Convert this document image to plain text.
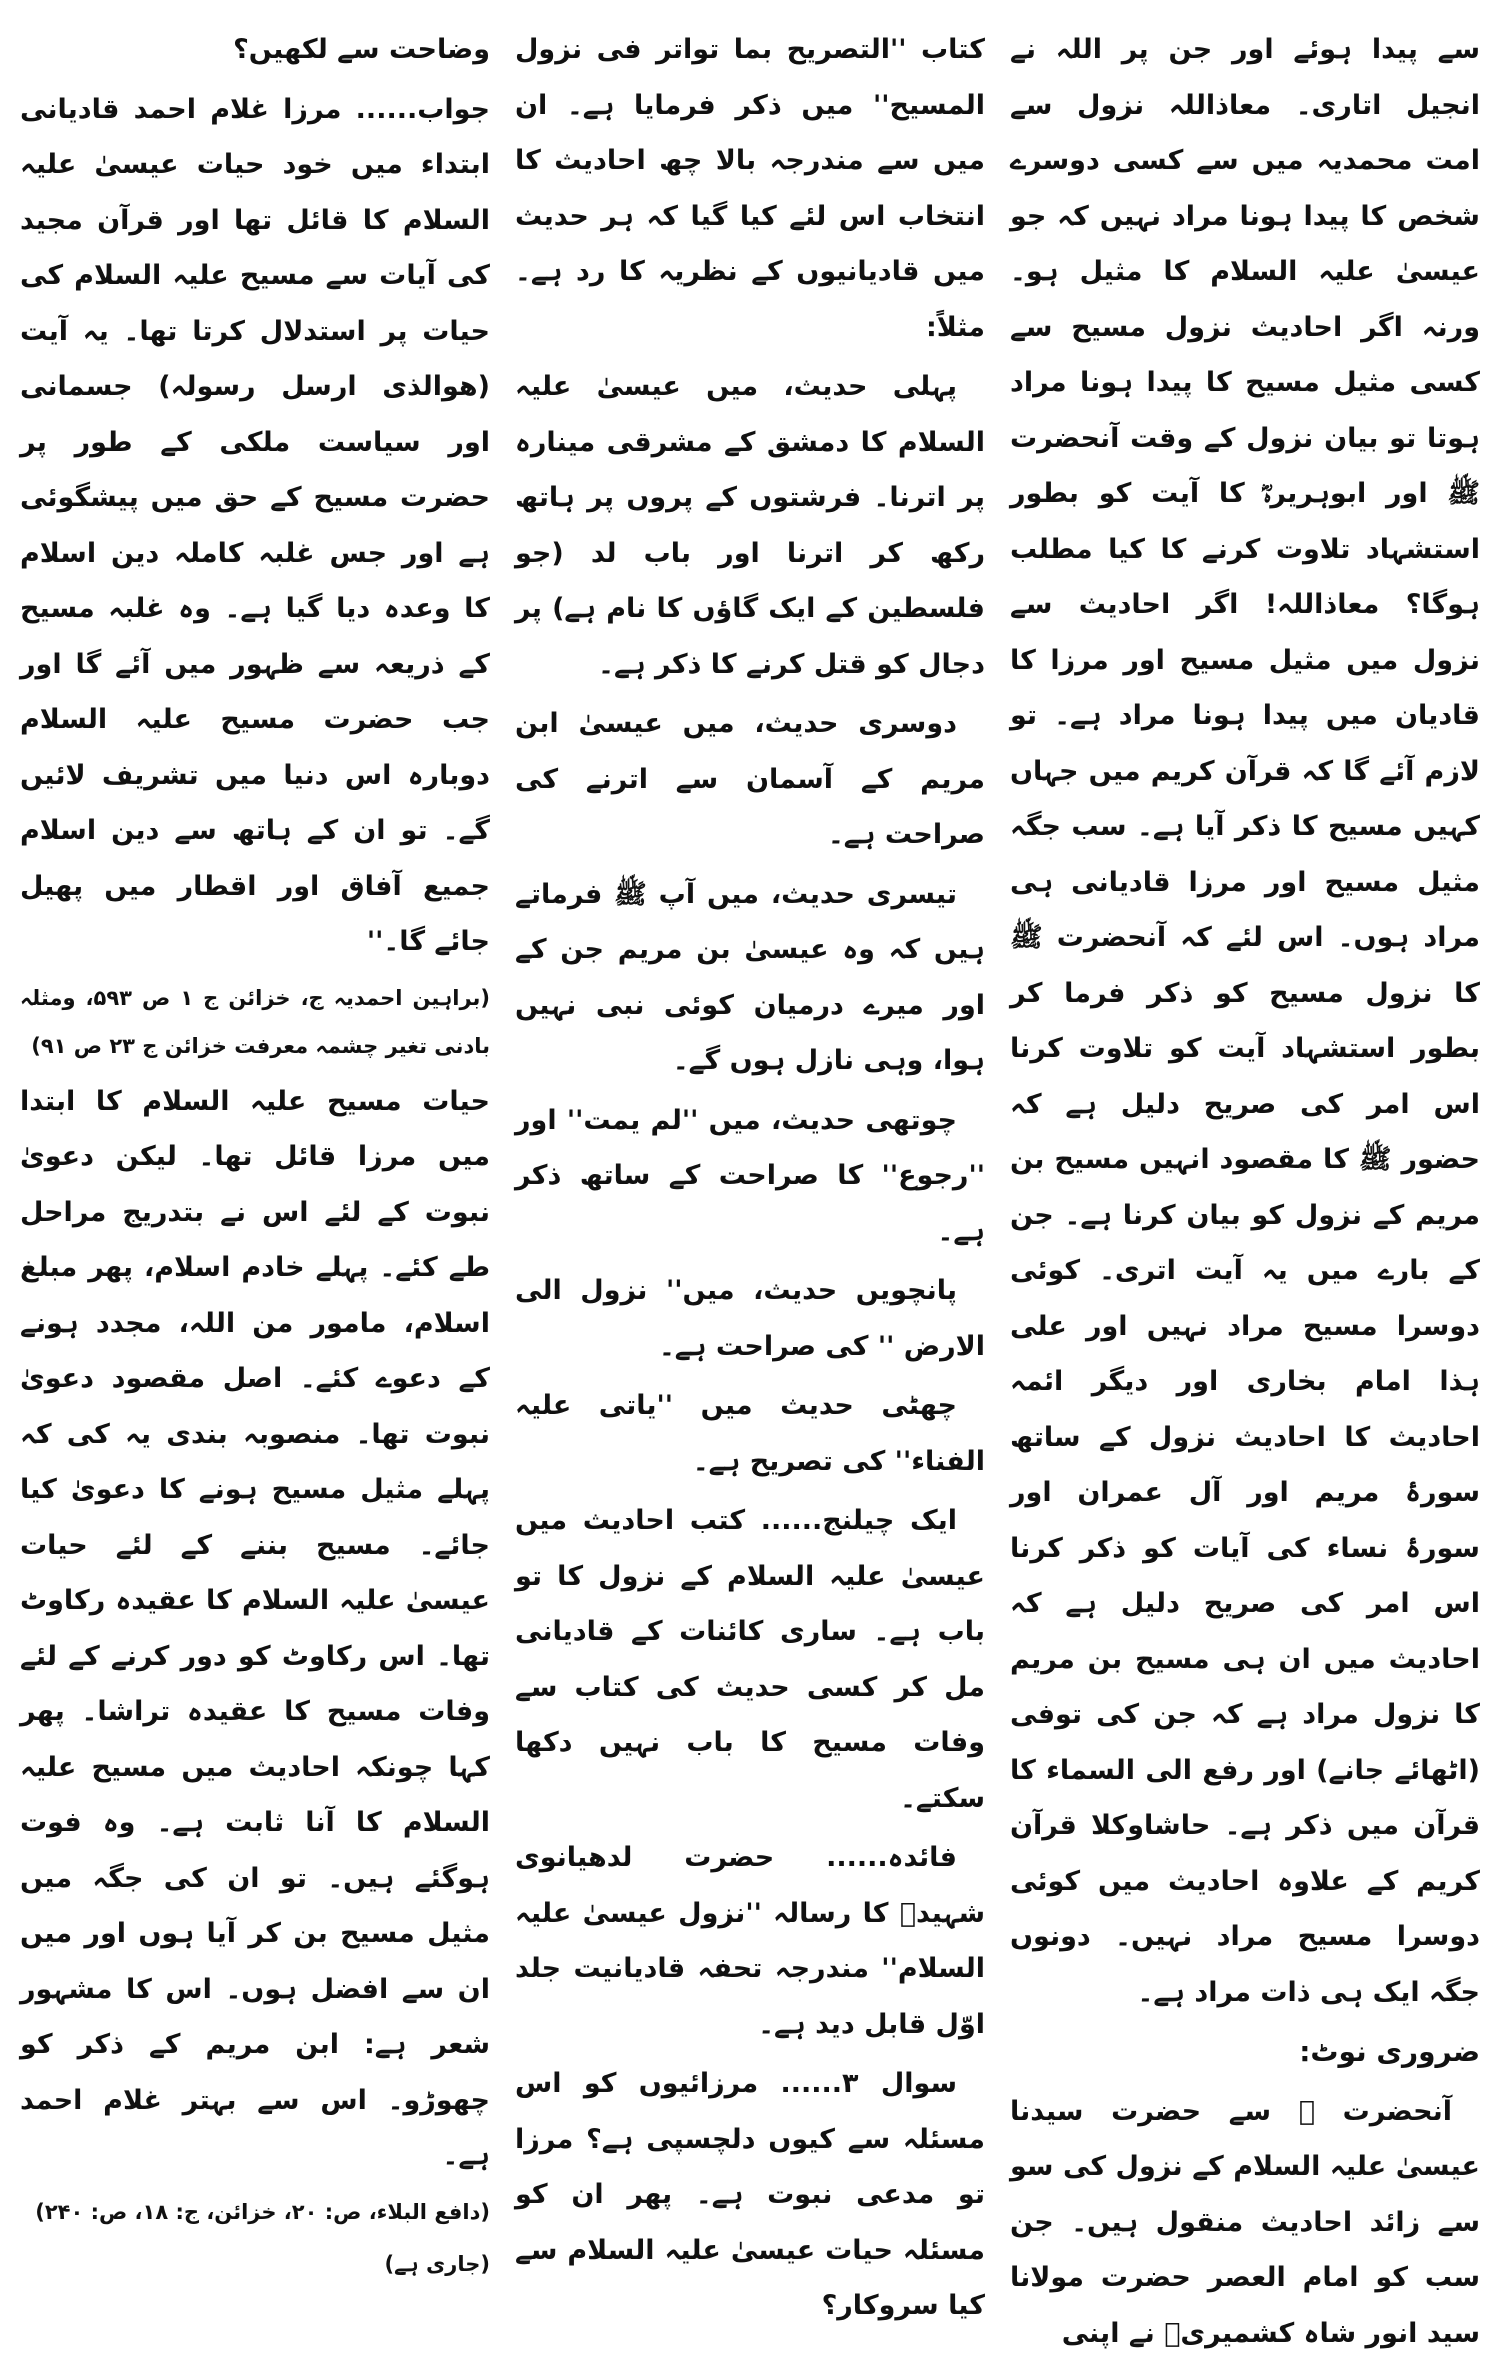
سے پیدا ہوئے اور جن پر اللہ نے انجیل اتاری۔ معاذاللہ نزول سے امت محمدیہ میں سے کسی دوسرے شخص کا پیدا ہونا مراد نہیں کہ جو عیسیٰ علیہ السلام کا مثیل ہو۔ ورنہ اگر احادیث نزول مسیح سے کسی مثیل مسیح کا پیدا ہونا مراد ہوتا تو بیان نزول کے وقت آنحضرت ﷺ اور ابوہریرہؓ کا آیت کو بطور استشہاد تلاوت کرنے کا کیا مطلب ہوگا؟ معاذاللہ! اگر احادیث سے نزول میں مثیل مسیح اور مرزا کا قادیان میں پیدا ہونا مراد ہے۔ تو لازم آئے گا کہ قرآن کریم میں جہاں کہیں مسیح کا ذکر آیا ہے۔ سب جگہ مثیل مسیح اور مرزا قادیانی ہی مراد ہوں۔ اس لئے کہ آنحضرت ﷺ کا نزول مسیح کو ذکر فرما کر بطور استشہاد آیت کو تلاوت کرنا اس امر کی صریح دلیل ہے کہ حضور ﷺ کا مقصود انہیں مسیح بن مریم کے نزول کو بیان کرنا ہے۔ جن کے بارے میں یہ آیت اتری۔ کوئی دوسرا مسیح مراد نہیں اور علی ہذا امام بخاری اور دیگر ائمہ احادیث کا احادیث نزول کے ساتھ سورۂ مریم اور آل عمران اور سورۂ نساء کی آیات کو ذکر کرنا اس امر کی صریح دلیل ہے کہ احادیث میں ان ہی مسیح بن مریم کا نزول مراد ہے کہ جن کی توفی (اٹھائے جانے) اور رفع الی السماء کا قرآن میں ذکر ہے۔ حاشاوکلا قرآن کریم کے علاوہ احادیث میں کوئی دوسرا مسیح مراد نہیں۔ دونوں جگہ ایک ہی ذات مراد ہے۔

ضروری نوٹ:

آنحضرت ﷺ سے حضرت سیدنا عیسیٰ علیہ السلام کے نزول کی سو سے زائد احادیث منقول ہیں۔ جن سب کو امام العصر حضرت مولانا سید انور شاہ کشمیریؒ نے اپنی

کتاب ''التصریح بما تواتر فی نزول المسیح'' میں ذکر فرمایا ہے۔ ان میں سے مندرجہ بالا چھ احادیث کا انتخاب اس لئے کیا گیا کہ ہر حدیث میں قادیانیوں کے نظریہ کا رد ہے۔ مثلاً:

پہلی حدیث، میں عیسیٰ علیہ السلام کا دمشق کے مشرقی مینارہ پر اترنا۔ فرشتوں کے پروں پر ہاتھ رکھ کر اترنا اور باب لد (جو فلسطین کے ایک گاؤں کا نام ہے) پر دجال کو قتل کرنے کا ذکر ہے۔

دوسری حدیث، میں عیسیٰ ابن مریم کے آسمان سے اترنے کی صراحت ہے۔

تیسری حدیث، میں آپ ﷺ فرماتے ہیں کہ وہ عیسیٰ بن مریم جن کے اور میرے درمیان کوئی نبی نہیں ہوا، وہی نازل ہوں گے۔

چوتھی حدیث، میں ''لم یمت'' اور ''رجوع'' کا صراحت کے ساتھ ذکر ہے۔

پانچویں حدیث، میں'' نزول الی الارض '' کی صراحت ہے۔

چھٹی حدیث میں ''یاتی علیہ الفناء'' کی تصریح ہے۔

ایک چیلنج...... کتب احادیث میں عیسیٰ علیہ السلام کے نزول کا تو باب ہے۔ ساری کائنات کے قادیانی مل کر کسی حدیث کی کتاب سے وفات مسیح کا باب نہیں دکھا سکتے۔

فائدہ...... حضرت لدھیانوی شہیدؒ کا رسالہ ''نزول عیسیٰ علیہ السلام'' مندرجہ تحفہ قادیانیت جلد اوّل قابل دید ہے۔

سوال ۳...... مرزائیوں کو اس مسئلہ سے کیوں دلچسپی ہے؟ مرزا تو مدعی نبوت ہے۔ پھر ان کو مسئلہ حیات عیسیٰ علیہ السلام سے کیا سروکار؟

وضاحت سے لکھیں؟

جواب...... مرزا غلام احمد قادیانی ابتداء میں خود حیات عیسیٰ علیہ السلام کا قائل تھا اور قرآن مجید کی آیات سے مسیح علیہ السلام کی حیات پر استدلال کرتا تھا۔ یہ آیت (ھوالذی ارسل رسولہ) جسمانی اور سیاست ملکی کے طور پر حضرت مسیح کے حق میں پیشگوئی ہے اور جس غلبہ کاملہ دین اسلام کا وعدہ دیا گیا ہے۔ وہ غلبہ مسیح کے ذریعہ سے ظہور میں آئے گا اور جب حضرت مسیح علیہ السلام دوبارہ اس دنیا میں تشریف لائیں گے۔ تو ان کے ہاتھ سے دین اسلام جمیع آفاق اور اقطار میں پھیل جائے گا۔''

(براہین احمدیہ ج، خزائن ج ۱ ص ۵۹۳، ومثلہ بادنی تغیر چشمہ معرفت خزائن ج ۲۳ ص ۹۱)

حیات مسیح علیہ السلام کا ابتدا میں مرزا قائل تھا۔ لیکن دعویٰ نبوت کے لئے اس نے بتدریج مراحل طے کئے۔ پہلے خادم اسلام، پھر مبلغ اسلام، مامور من اللہ، مجدد ہونے کے دعوے کئے۔ اصل مقصود دعویٰ نبوت تھا۔ منصوبہ بندی یہ کی کہ پہلے مثیل مسیح ہونے کا دعویٰ کیا جائے۔ مسیح بننے کے لئے حیات عیسیٰ علیہ السلام کا عقیدہ رکاوٹ تھا۔ اس رکاوٹ کو دور کرنے کے لئے وفات مسیح کا عقیدہ تراشا۔ پھر کہا چونکہ احادیث میں مسیح علیہ السلام کا آنا ثابت ہے۔ وہ فوت ہوگئے ہیں۔ تو ان کی جگہ میں مثیل مسیح بن کر آیا ہوں اور میں ان سے افضل ہوں۔ اس کا مشہور شعر ہے: ابن مریم کے ذکر کو چھوڑو۔ اس سے بہتر غلام احمد ہے۔

(دافع البلاء، ص: ۲۰، خزائن، ج: ۱۸، ص: ۲۴۰)

(جاری ہے)
